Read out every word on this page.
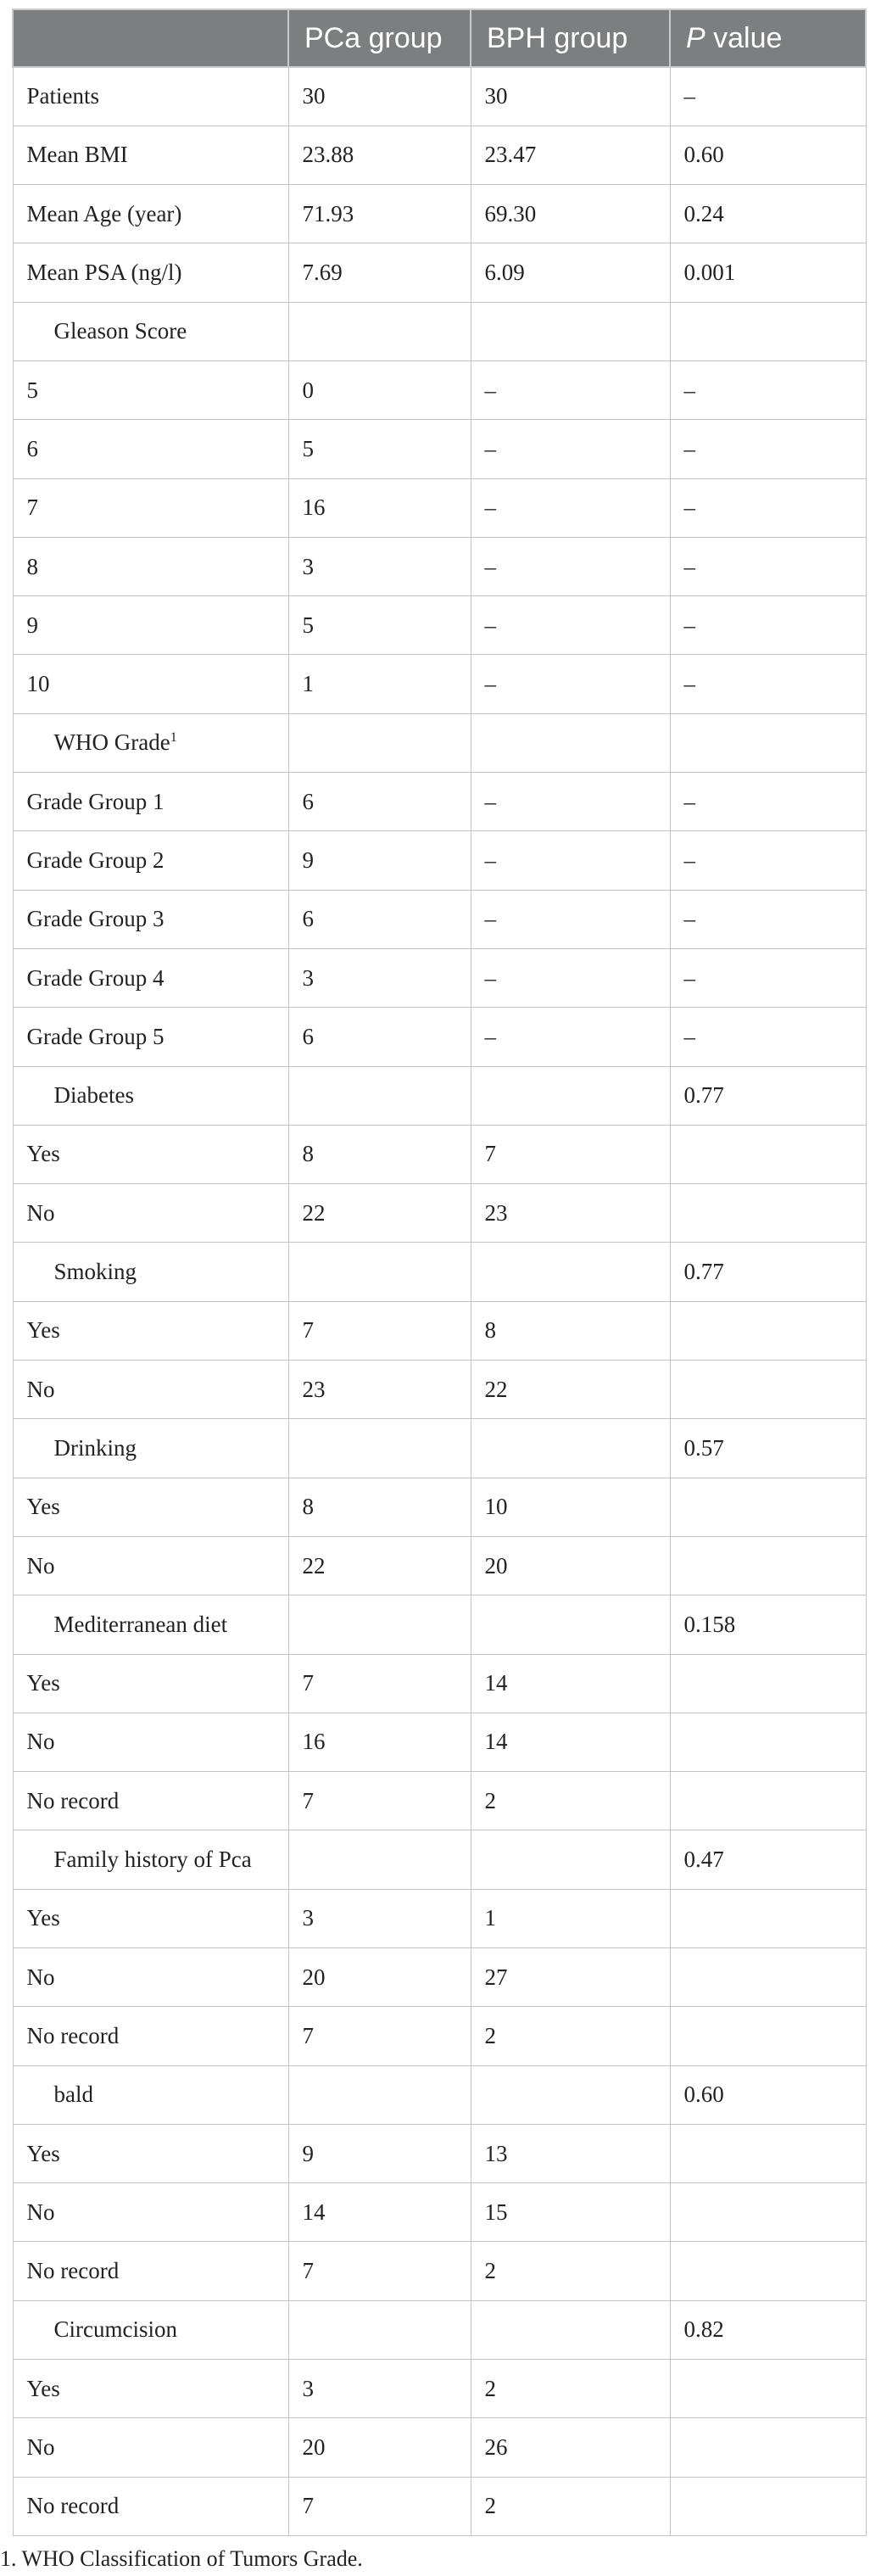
	PCa group	BPH group	P value
Patients	30	30	–
Mean BMI	23.88	23.47	0.60
Mean Age (year)	71.93	69.30	0.24
Mean PSA (ng/l)	7.69	6.09	0.001
Gleason Score			
5	0	–	–
6	5	–	–
7	16	–	–
8	3	–	–
9	5	–	–
10	1	–	–
WHO Grade$^1$			
Grade Group 1	6	–	–
Grade Group 2	9	–	–
Grade Group 3	6	–	–
Grade Group 4	3	–	–
Grade Group 5	6	–	–
Diabetes			0.77
Yes	8	7	
No	22	23	
Smoking			0.77
Yes	7	8	
No	23	22	
Drinking			0.57
Yes	8	10	
No	22	20	
Mediterranean diet			0.158
Yes	7	14	
No	16	14	
No record	7	2	
Family history of Pca			0.47
Yes	3	1	
No	20	27	
No record	7	2	
bald			0.60
Yes	9	13	
No	14	15	
No record	7	2	
Circumcision			0.82
Yes	3	2	
No	20	26	
No record	7	2	
1. WHO Classification of Tumors Grade.
